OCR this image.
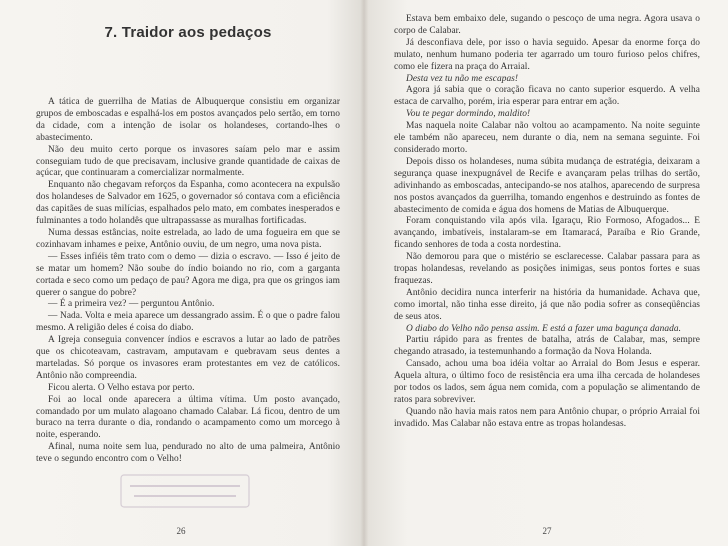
7. Traidor aos pedaços

A tática de guerrilha de Matias de Albuquerque consistiu em organizar grupos de emboscadas e espalhá-los em postos avançados pelo sertão, em torno da cidade, com a intenção de isolar os holandeses, cortando-lhes o abastecimento.

Não deu muito certo porque os invasores saíam pelo mar e assim conseguiam tudo de que precisavam, inclusive grande quantidade de caixas de açúcar, que continuaram a comercializar normalmente.

Enquanto não chegavam reforços da Espanha, como acontecera na expulsão dos holandeses de Salvador em 1625, o governador só contava com a eficiência das capitães de suas milícias, espalhados pelo mato, em combates inesperados e fulminantes a todo holandês que ultrapassasse as muralhas fortificadas.

Numa dessas estâncias, noite estrelada, ao lado de uma fogueira em que se cozinhavam inhames e peixe, Antônio ouviu, de um negro, uma nova pista.

— Esses infiéis têm trato com o demo — dizia o escravo. — Isso é jeito de se matar um homem? Não soube do índio boiando no rio, com a garganta cortada e seco como um pedaço de pau? Agora me diga, pra que os gringos iam querer o sangue do pobre?

— É a primeira vez? — perguntou Antônio.

— Nada. Volta e meia aparece um dessangrado assim. É o que o padre falou mesmo. A religião deles é coisa do diabo.

A Igreja conseguia convencer índios e escravos a lutar ao lado de patrões que os chicoteavam, castravam, amputavam e quebravam seus dentes a marteladas. Só porque os invasores eram protestantes em vez de católicos. Antônio não compreendia.

Ficou alerta. O Velho estava por perto.

Foi ao local onde aparecera a última vítima. Um posto avançado, comandado por um mulato alagoano chamado Calabar. Lá ficou, dentro de um buraco na terra durante o dia, rondando o acampamento como um morcego à noite, esperando.

Afinal, numa noite sem lua, pendurado no alto de uma palmeira, Antônio teve o segundo encontro com o Velho!

26

Estava bem embaixo dele, sugando o pescoço de uma negra. Agora usava o corpo de Calabar.

Já desconfiava dele, por isso o havia seguido. Apesar da enorme força do mulato, nenhum humano poderia ter agarrado um touro furioso pelos chifres, como ele fizera na praça do Arraial.

Desta vez tu não me escapas!

Agora já sabia que o coração ficava no canto superior esquerdo. A velha estaca de carvalho, porém, iria esperar para entrar em ação.

Vou te pegar dormindo, maldito!

Mas naquela noite Calabar não voltou ao acampamento. Na noite seguinte ele também não apareceu, nem durante o dia, nem na semana seguinte. Foi considerado morto.

Depois disso os holandeses, numa súbita mudança de estratégia, deixaram a segurança quase inexpugnável de Recife e avançaram pelas trilhas do sertão, adivinhando as emboscadas, antecipando-se nos atalhos, aparecendo de surpresa nos postos avançados da guerrilha, tomando engenhos e destruindo as fontes de abastecimento de comida e água dos homens de Matias de Albuquerque.

Foram conquistando vila após vila. Igaraçu, Rio Formoso, Afogados... E avançando, imbatíveis, instalaram-se em Itamaracá, Paraíba e Rio Grande, ficando senhores de toda a costa nordestina.

Não demorou para que o mistério se esclarecesse. Calabar passara para as tropas holandesas, revelando as posições inimigas, seus pontos fortes e suas fraquezas.

Antônio decidira nunca interferir na história da humanidade. Achava que, como imortal, não tinha esse direito, já que não podia sofrer as conseqüências de seus atos.

O diabo do Velho não pensa assim. E está a fazer uma bagunça danada.

Partiu rápido para as frentes de batalha, atrás de Calabar, mas, sempre chegando atrasado, ia testemunhando a formação da Nova Holanda.

Cansado, achou uma boa idéia voltar ao Arraial do Bom Jesus e esperar. Aquela altura, o último foco de resistência era uma ilha cercada de holandeses por todos os lados, sem água nem comida, com a população se alimentando de ratos para sobreviver.

Quando não havia mais ratos nem para Antônio chupar, o próprio Arraial foi invadido. Mas Calabar não estava entre as tropas holandesas.

27
